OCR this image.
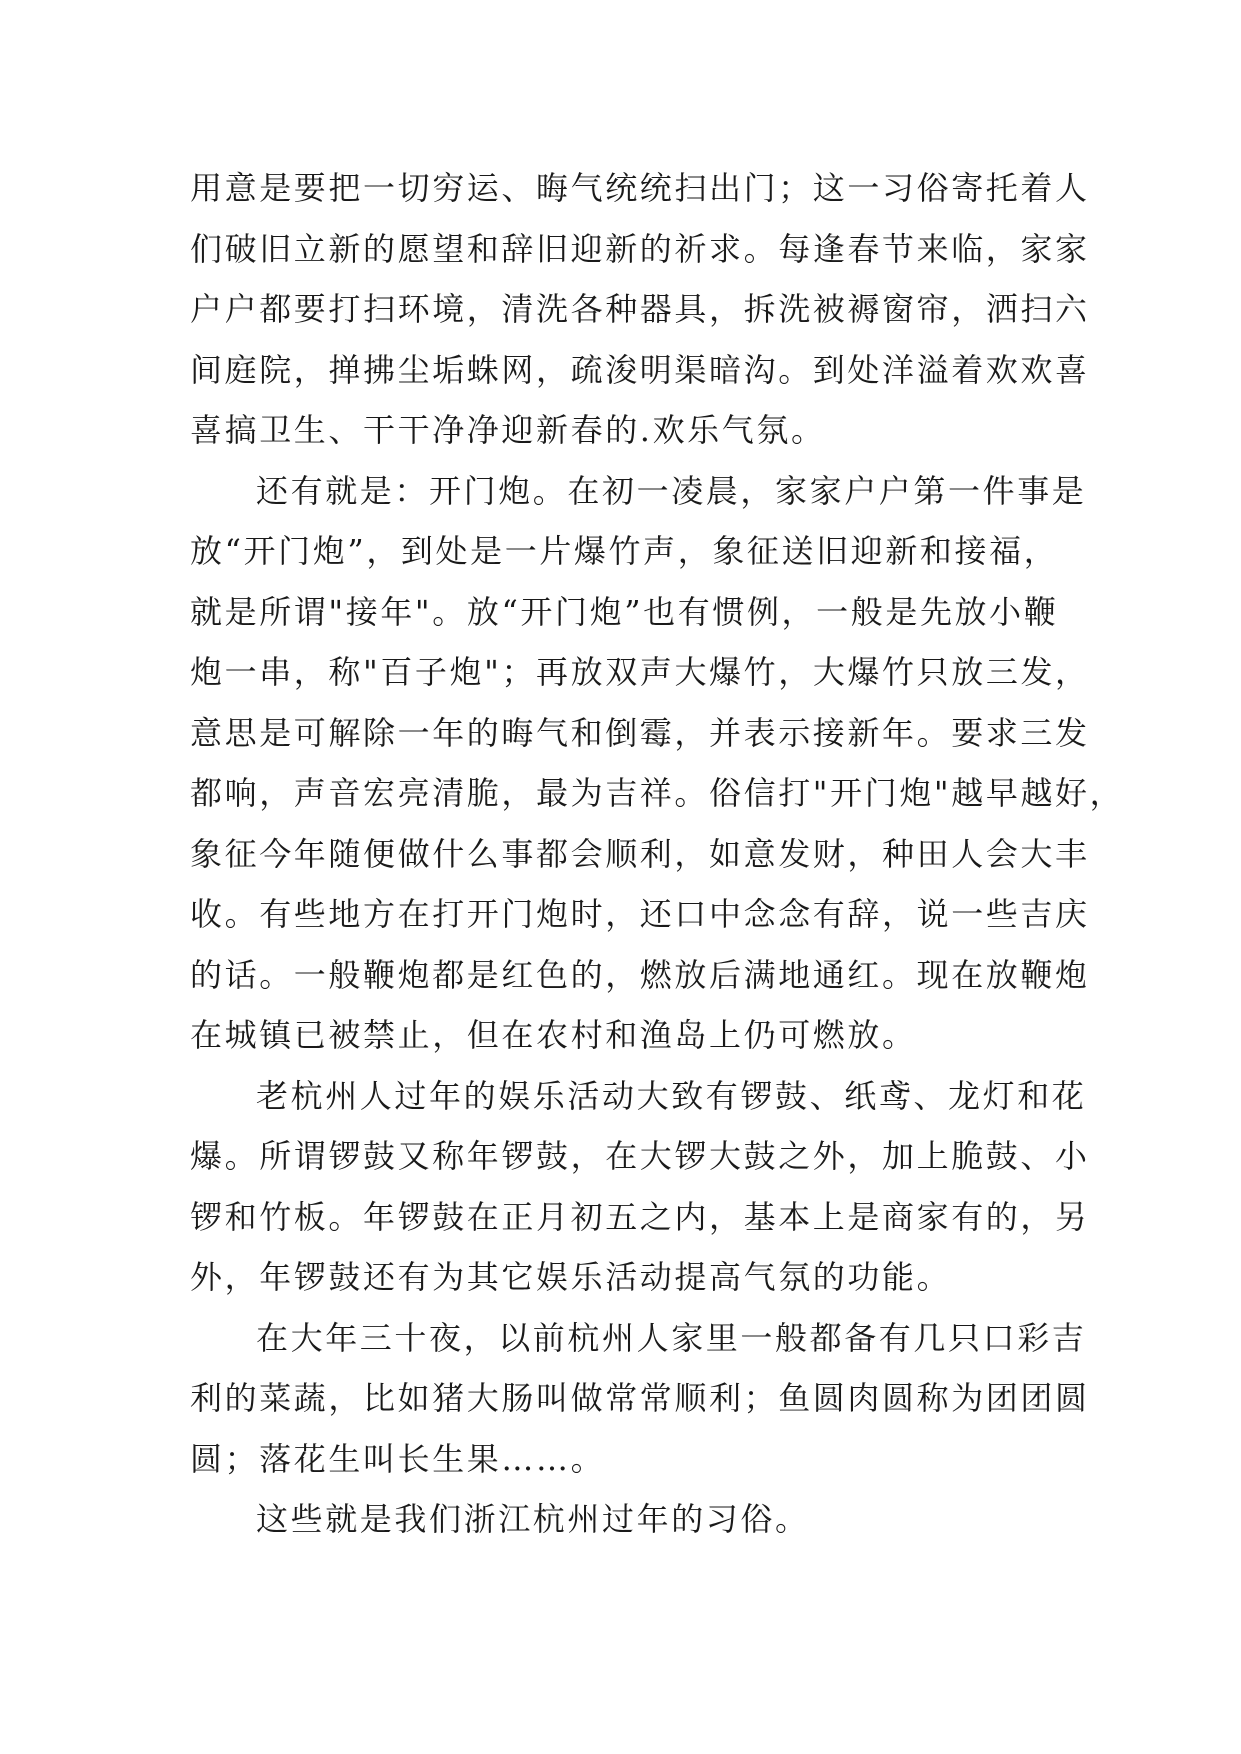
用意是要把一切穷运、晦气统统扫出门；这一习俗寄托着人
们破旧立新的愿望和辞旧迎新的祈求。每逢春节来临，家家
户户都要打扫环境，清洗各种器具，拆洗被褥窗帘，洒扫六
间庭院，掸拂尘垢蛛网，疏浚明渠暗沟。到处洋溢着欢欢喜
喜搞卫生、干干净净迎新春的.欢乐气氛。
还有就是：开门炮。在初一凌晨，家家户户第一件事是
放“开门炮”，到处是一片爆竹声，象征送旧迎新和接福，
就是所谓"接年"。放“开门炮”也有惯例，一般是先放小鞭
炮一串，称"百子炮"；再放双声大爆竹，大爆竹只放三发，
意思是可解除一年的晦气和倒霉，并表示接新年。要求三发
都响，声音宏亮清脆，最为吉祥。俗信打"开门炮"越早越好，
象征今年随便做什么事都会顺利，如意发财，种田人会大丰
收。有些地方在打开门炮时，还口中念念有辞，说一些吉庆
的话。一般鞭炮都是红色的，燃放后满地通红。现在放鞭炮
在城镇已被禁止，但在农村和渔岛上仍可燃放。
老杭州人过年的娱乐活动大致有锣鼓、纸鸢、龙灯和花
爆。所谓锣鼓又称年锣鼓，在大锣大鼓之外，加上脆鼓、小
锣和竹板。年锣鼓在正月初五之内，基本上是商家有的，另
外，年锣鼓还有为其它娱乐活动提高气氛的功能。
在大年三十夜，以前杭州人家里一般都备有几只口彩吉
利的菜蔬，比如猪大肠叫做常常顺利；鱼圆肉圆称为团团圆
圆；落花生叫长生果……。
这些就是我们浙江杭州过年的习俗。
